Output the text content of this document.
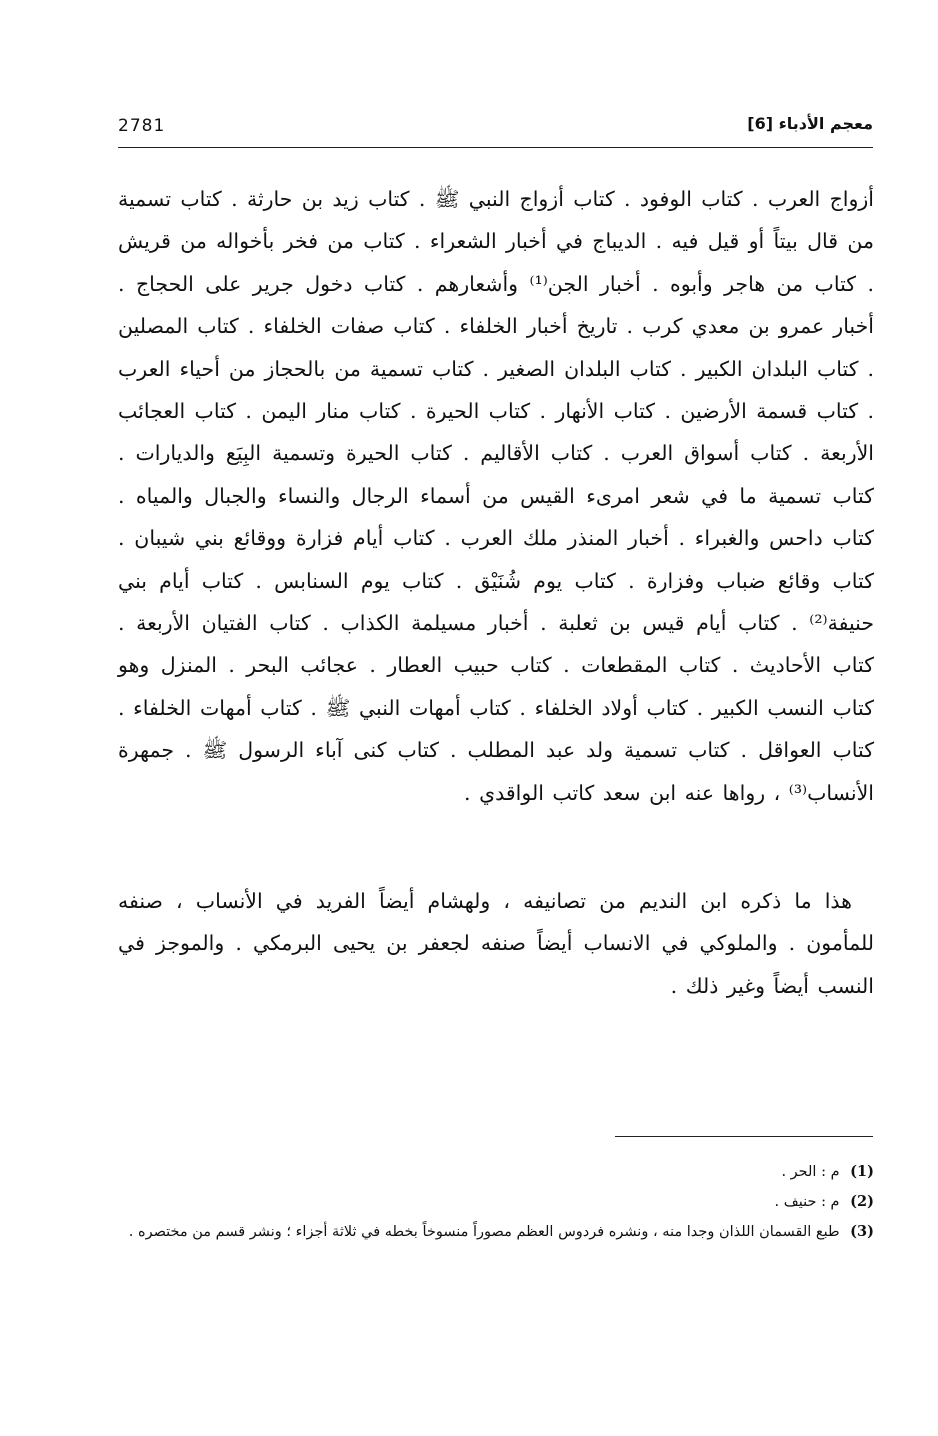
2781	معجم الأدباء [6]

أزواج العرب . كتاب الوفود . كتاب أزواج النبي ﷺ . كتاب زيد بن حارثة . كتاب تسمية من قال بيتاً أو قيل فيه . الديباج في أخبار الشعراء . كتاب من فخر بأخواله من قريش . كتاب من هاجر وأبوه . أخبار الجن⁽¹⁾ وأشعارهم . كتاب دخول جرير على الحجاج . أخبار عمرو بن معدي كرب . تاريخ أخبار الخلفاء . كتاب صفات الخلفاء . كتاب المصلين . كتاب البلدان الكبير . كتاب البلدان الصغير . كتاب تسمية من بالحجاز من أحياء العرب . كتاب قسمة الأرضين . كتاب الأنهار . كتاب الحيرة . كتاب منار اليمن . كتاب العجائب الأربعة . كتاب أسواق العرب . كتاب الأقاليم . كتاب الحيرة وتسمية البِيَع والديارات . كتاب تسمية ما في شعر امرىء القيس من أسماء الرجال والنساء والجبال والمياه . كتاب داحس والغبراء . أخبار المنذر ملك العرب . كتاب أيام فزارة ووقائع بني شيبان . كتاب وقائع ضباب وفزارة . كتاب يوم شُنَيْق . كتاب يوم السنابس . كتاب أيام بني حنيفة⁽²⁾ . كتاب أيام قيس بن ثعلبة . أخبار مسيلمة الكذاب . كتاب الفتيان الأربعة . كتاب الأحاديث . كتاب المقطعات . كتاب حبيب العطار . عجائب البحر . المنزل وهو كتاب النسب الكبير . كتاب أولاد الخلفاء . كتاب أمهات النبي ﷺ . كتاب أمهات الخلفاء . كتاب العواقل . كتاب تسمية ولد عبد المطلب . كتاب كنى آباء الرسول ﷺ . جمهرة الأنساب⁽³⁾ ، رواها عنه ابن سعد كاتب الواقدي .

هذا ما ذكره ابن النديم من تصانيفه ، ولهشام أيضاً الفريد في الأنساب ، صنفه للمأمون . والملوكي في الانساب أيضاً صنفه لجعفر بن يحيى البرمكي . والموجز في النسب أيضاً وغير ذلك .

(1) م : الحر .
(2) م : حنيف .
(3) طبع القسمان اللذان وجدا منه ، ونشره فردوس العظم مصوراً منسوخاً بخطه في ثلاثة أجزاء ؛ ونشر قسم من مختصره .
